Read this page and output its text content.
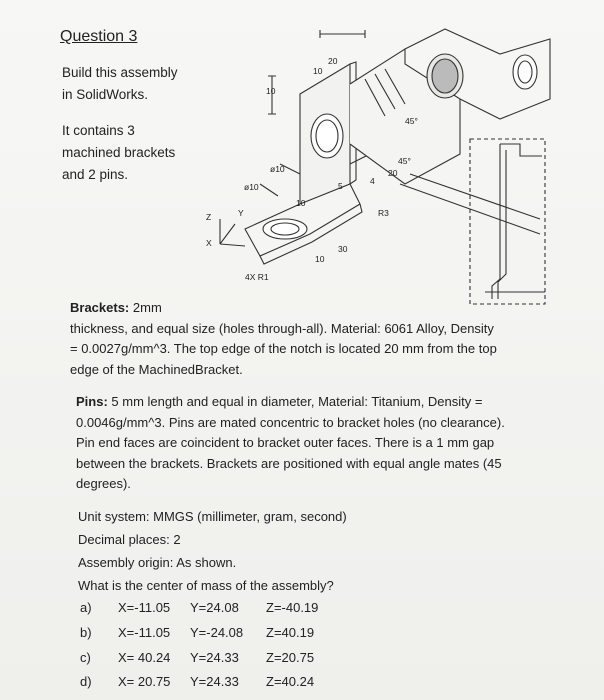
Question 3
Build this assembly
in SolidWorks.
It contains 3
machined brackets
and 2 pins.
20
10
10
ø10
ø10
45°
45°
20
5	4
R3
10
10
30
4X R1
Z	Y
X
Brackets: 2mm
thickness, and equal size (holes through-all). Material: 6061 Alloy, Density
= 0.0027g/mm^3. The top edge of the notch is located 20 mm from the top
edge of the MachinedBracket.
Pins: 5 mm length and equal in diameter, Material: Titanium, Density =
0.0046g/mm^3. Pins are mated concentric to bracket holes (no clearance).
Pin end faces are coincident to bracket outer faces. There is a 1 mm gap
between the brackets. Brackets are positioned with equal angle mates (45
degrees).
Unit system: MMGS (millimeter, gram, second)
Decimal places: 2
Assembly origin: As shown.
What is the center of mass of the assembly?
a) X=-11.05 Y=24.08 Z=-40.19
b) X=-11.05 Y=-24.08 Z=40.19
c) X= 40.24 Y=24.33 Z=20.75
d) X= 20.75 Y=24.33 Z=40.24
